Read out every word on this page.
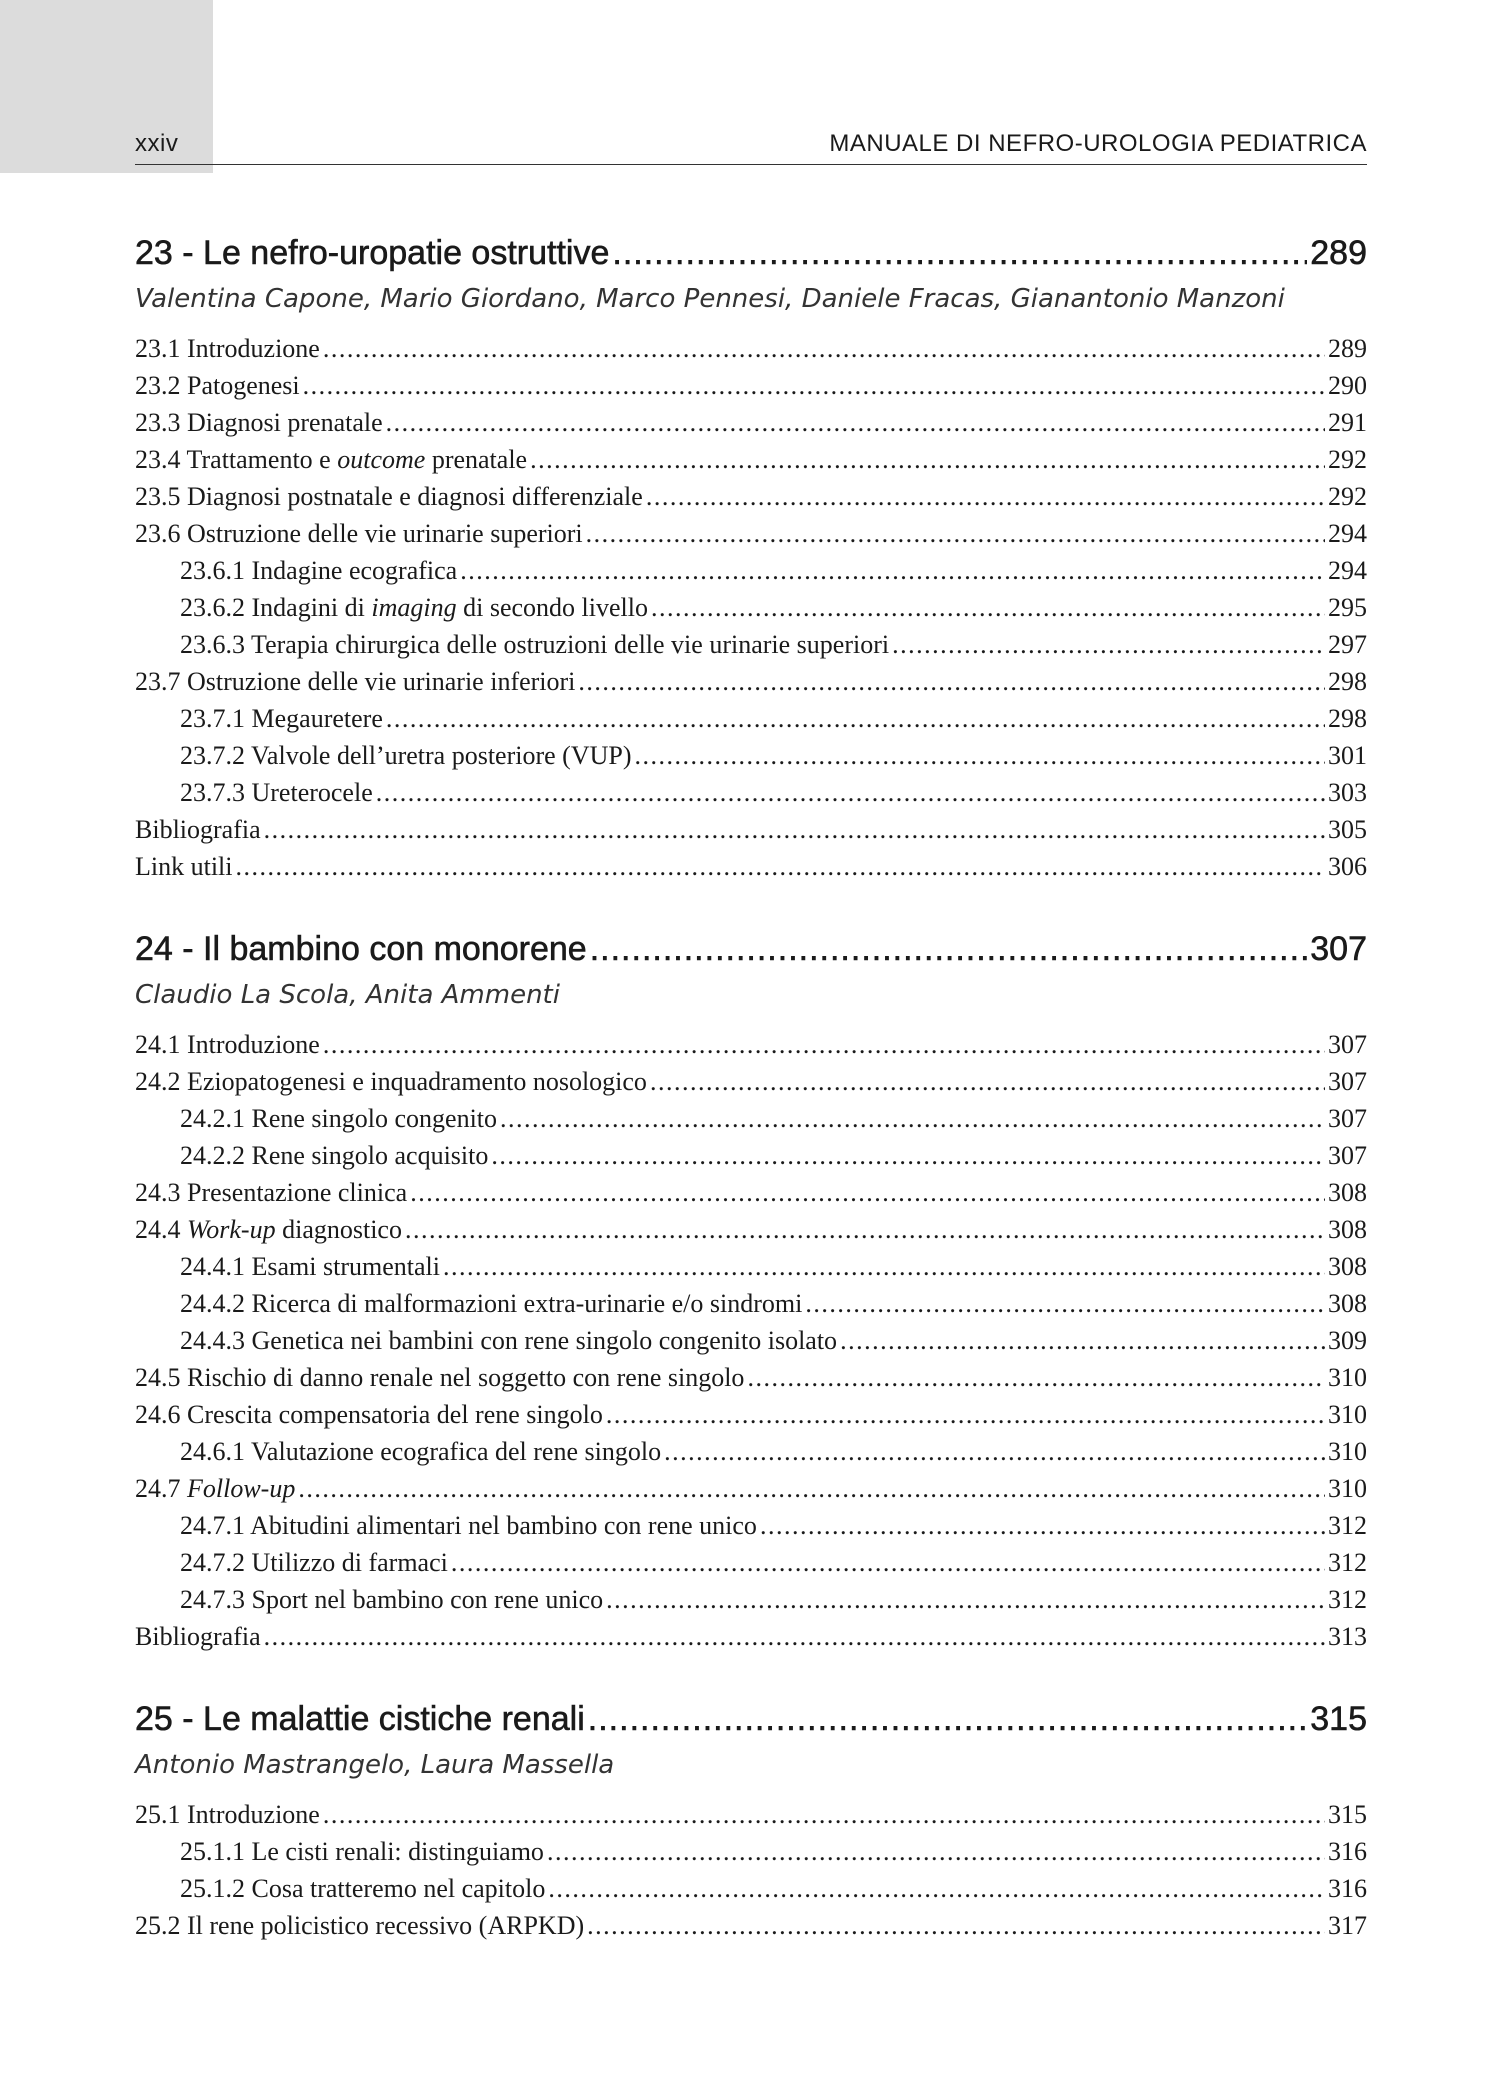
xxiv	MANUALE DI NEFRO-UROLOGIA PEDIATRICA
23 - Le nefro-uropatie ostruttive .....	289
Valentina Capone, Mario Giordano, Marco Pennesi, Daniele Fracas, Gianantonio Manzoni
23.1 Introduzione .....	289
23.2 Patogenesi .....	290
23.3 Diagnosi prenatale .....	291
23.4 Trattamento e outcome prenatale .....	292
23.5 Diagnosi postnatale e diagnosi differenziale .....	292
23.6 Ostruzione delle vie urinarie superiori .....	294
23.6.1 Indagine ecografica .....	294
23.6.2 Indagini di imaging di secondo livello .....	295
23.6.3 Terapia chirurgica delle ostruzioni delle vie urinarie superiori .....	297
23.7 Ostruzione delle vie urinarie inferiori .....	298
23.7.1 Megauretere .....	298
23.7.2 Valvole dell’uretra posteriore (VUP) .....	301
23.7.3 Ureterocele .....	303
Bibliografia .....	305
Link utili .....	306
24 - Il bambino con monorene .....	307
Claudio La Scola, Anita Ammenti
24.1 Introduzione .....	307
24.2 Eziopatogenesi e inquadramento nosologico .....	307
24.2.1 Rene singolo congenito .....	307
24.2.2 Rene singolo acquisito .....	307
24.3 Presentazione clinica .....	308
24.4 Work-up diagnostico .....	308
24.4.1 Esami strumentali .....	308
24.4.2 Ricerca di malformazioni extra-urinarie e/o sindromi .....	308
24.4.3 Genetica nei bambini con rene singolo congenito isolato .....	309
24.5 Rischio di danno renale nel soggetto con rene singolo .....	310
24.6 Crescita compensatoria del rene singolo .....	310
24.6.1 Valutazione ecografica del rene singolo .....	310
24.7 Follow-up .....	310
24.7.1 Abitudini alimentari nel bambino con rene unico .....	312
24.7.2 Utilizzo di farmaci .....	312
24.7.3 Sport nel bambino con rene unico .....	312
Bibliografia .....	313
25 - Le malattie cistiche renali .....	315
Antonio Mastrangelo, Laura Massella
25.1 Introduzione .....	315
25.1.1 Le cisti renali: distinguiamo .....	316
25.1.2 Cosa tratteremo nel capitolo .....	316
25.2 Il rene policistico recessivo (ARPKD) .....	317
